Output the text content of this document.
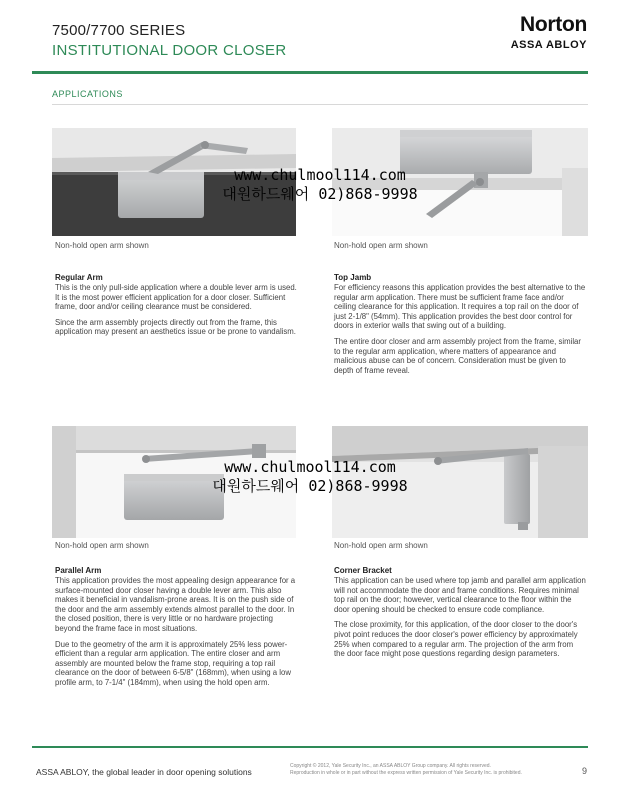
7500/7700 SERIES
INSTITUTIONAL DOOR CLOSER
Norton
ASSA ABLOY
APPLICATIONS
Non-hold open arm shown
Regular Arm

This is the only pull-side application where a double lever arm is used. It is the most power efficient application for a door closer. Sufficient frame, door and/or ceiling clearance must be considered.

Since the arm assembly projects directly out from the frame, this application may present an aesthetics issue or be prone to vandalism.

Non-hold open arm shown
Top Jamb

For efficiency reasons this application provides the best alternative to the regular arm application. There must be sufficient frame face and/or ceiling clearance for this application. It requires a top rail on the door of just 2-1/8" (54mm). This application provides the best door control for doors in exterior walls that swing out of a building.

The entire door closer and arm assembly project from the frame, similar to the regular arm application, where matters of appearance and malicious abuse can be of concern. Consideration must be given to depth of frame reveal.

Non-hold open arm shown
Parallel Arm

This application provides the most appealing design appearance for a surface-mounted door closer having a double lever arm. This also makes it beneficial in vandalism-prone areas. It is on the push side of the door and the arm assembly extends almost parallel to the door. In the closed position, there is very little or no hardware projecting beyond the frame face in most situations.

Due to the geometry of the arm it is approximately 25% less power-efficient than a regular arm application. The entire closer and arm assembly are mounted below the frame stop, requiring a top rail clearance on the door of between 6-5/8" (168mm), when using a low profile arm, to 7-1/4" (184mm), when using the hold open arm.

Non-hold open arm shown
Corner Bracket

This application can be used where top jamb and parallel arm application will not accommodate the door and frame conditions. Requires minimal top rail on the door; however, vertical clearance to the floor within the door opening should be checked to ensure code compliance.

The close proximity, for this application, of the door closer to the door's pivot point reduces the door closer's power efficiency by approximately 25% when compared to a regular arm. The projection of the arm from the door face might pose questions regarding design parameters.

www.chulmool114.com
대원하드웨어 02)868-9998
www.chulmool114.com
대원하드웨어 02)868-9998
ASSA ABLOY, the global leader in door opening solutions
Copyright © 2012, Yale Security Inc., an ASSA ABLOY Group company. All rights reserved.
Reproduction in whole or in part without the express written permission of Yale Security Inc. is prohibited.	9
